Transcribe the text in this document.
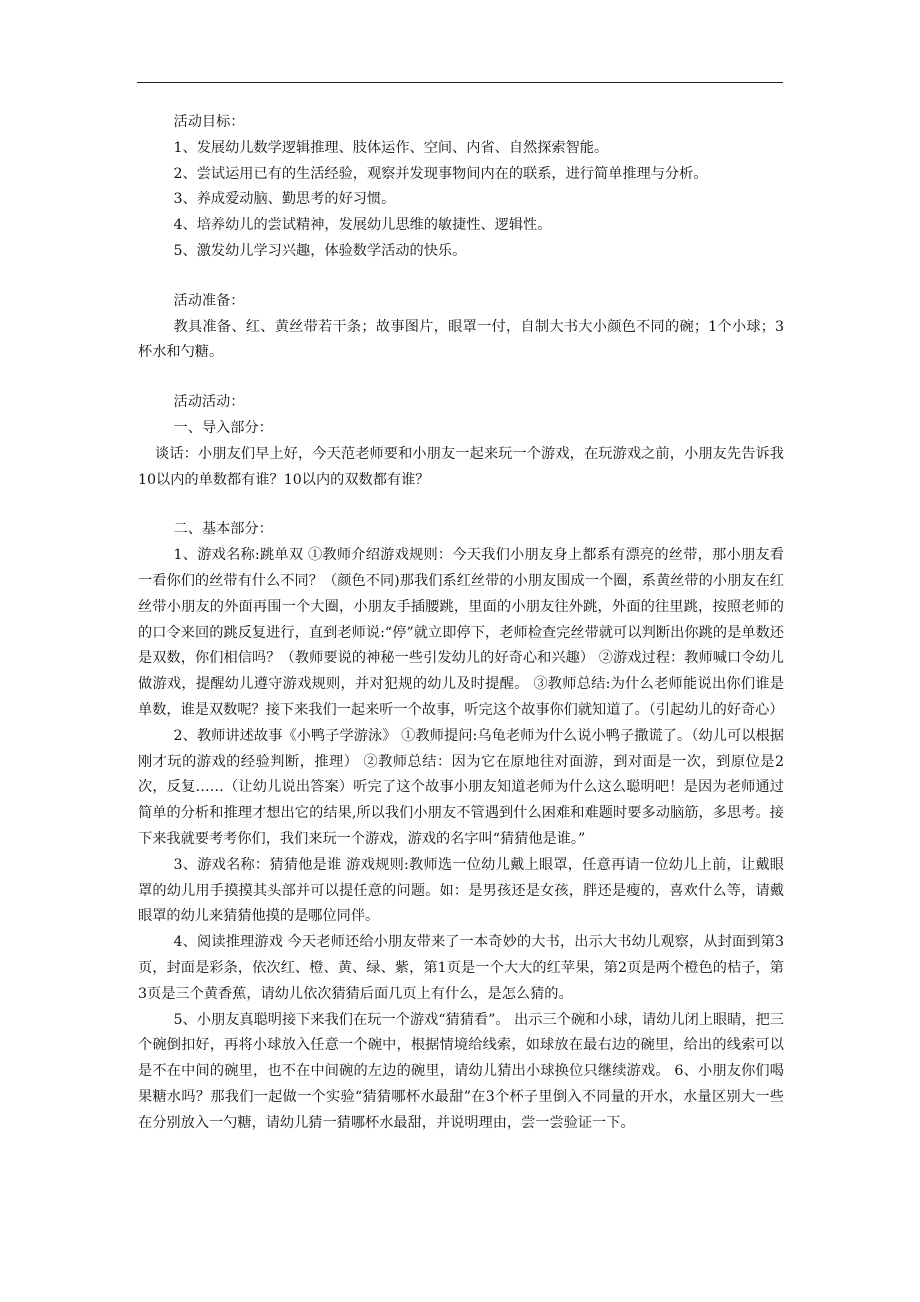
活动目标：

1、发展幼儿数学逻辑推理、肢体运作、空间、内省、自然探索智能。

2、尝试运用已有的生活经验，观察并发现事物间内在的联系，进行简单推理与分析。

3、养成爱动脑、勤思考的好习惯。

4、培养幼儿的尝试精神，发展幼儿思维的敏捷性、逻辑性。

5、激发幼儿学习兴趣，体验数学活动的快乐。

活动准备：

教具准备、红、黄丝带若干条；故事图片，眼罩一付，自制大书大小颜色不同的碗；1个小球；3杯水和勺糖。

活动活动：

一、导入部分：

谈话：小朋友们早上好，今天范老师要和小朋友一起来玩一个游戏，在玩游戏之前，小朋友先告诉我10以内的单数都有谁？10以内的双数都有谁？

二、基本部分：

1、游戏名称:跳单双 ①教师介绍游戏规则：今天我们小朋友身上都系有漂亮的丝带，那小朋友看一看你们的丝带有什么不同？（颜色不同)那我们系红丝带的小朋友围成一个圈，系黄丝带的小朋友在红丝带小朋友的外面再围一个大圈，小朋友手插腰跳，里面的小朋友往外跳，外面的往里跳，按照老师的的口令来回的跳反复进行，直到老师说:“停”就立即停下，老师检查完丝带就可以判断出你跳的是单数还是双数，你们相信吗？（教师要说的神秘一些引发幼儿的好奇心和兴趣） ②游戏过程：教师喊口令幼儿做游戏，提醒幼儿遵守游戏规则，并对犯规的幼儿及时提醒。 ③教师总结:为什么老师能说出你们谁是单数，谁是双数呢？接下来我们一起来听一个故事，听完这个故事你们就知道了。（引起幼儿的好奇心）

2、教师讲述故事《小鸭子学游泳》 ①教师提问:乌龟老师为什么说小鸭子撒谎了。（幼儿可以根据刚才玩的游戏的经验判断，推理） ②教师总结：因为它在原地往对面游，到对面是一次，到原位是2次，反复……（让幼儿说出答案）听完了这个故事小朋友知道老师为什么这么聪明吧！是因为老师通过简单的分析和推理才想出它的结果,所以我们小朋友不管遇到什么困难和难题时要多动脑筋，多思考。接下来我就要考考你们，我们来玩一个游戏，游戏的名字叫“猜猜他是谁。”

3、游戏名称：猜猜他是谁 游戏规则:教师选一位幼儿戴上眼罩，任意再请一位幼儿上前，让戴眼罩的幼儿用手摸摸其头部并可以提任意的问题。如：是男孩还是女孩，胖还是瘦的，喜欢什么等，请戴眼罩的幼儿来猜猜他摸的是哪位同伴。

4、阅读推理游戏 今天老师还给小朋友带来了一本奇妙的大书，出示大书幼儿观察，从封面到第3页，封面是彩条，依次红、橙、黄、绿、紫，第1页是一个大大的红苹果，第2页是两个橙色的桔子，第3页是三个黄香蕉，请幼儿依次猜猜后面几页上有什么，是怎么猜的。

5、小朋友真聪明接下来我们在玩一个游戏“猜猜看”。 出示三个碗和小球，请幼儿闭上眼睛，把三个碗倒扣好，再将小球放入任意一个碗中，根据情境给线索，如球放在最右边的碗里，给出的线索可以是不在中间的碗里，也不在中间碗的左边的碗里，请幼儿猜出小球换位只继续游戏。 6、小朋友你们喝果糖水吗？那我们一起做一个实验“猜猜哪杯水最甜”在3个杯子里倒入不同量的开水，水量区别大一些在分别放入一勺糖，请幼儿猜一猜哪杯水最甜，并说明理由，尝一尝验证一下。
